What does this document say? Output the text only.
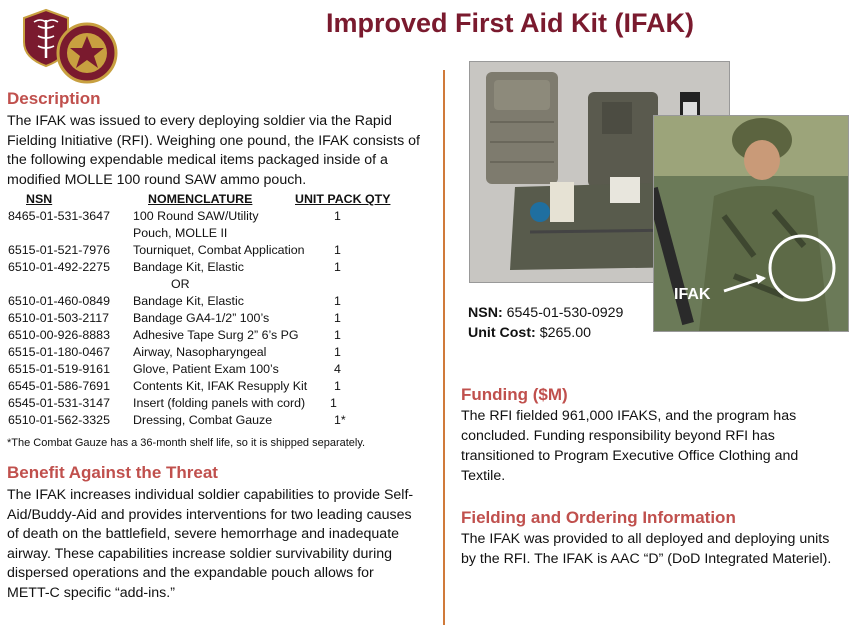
Improved First Aid Kit (IFAK)
Description
The IFAK was issued to every deploying soldier via the Rapid Fielding Initiative (RFI). Weighing one pound, the IFAK consists of the following expendable medical items packaged inside of a modified MOLLE 100 round SAW ammo pouch.
NSN	NOMENCLATURE	UNIT PACK QTY
8465-01-531-3647 100 Round SAW/Utility	1
Pouch, MOLLE II
6515-01-521-7976 Tourniquet, Combat Application 1
6510-01-492-2275 Bandage Kit, Elastic	1
OR
6510-01-460-0849 Bandage Kit, Elastic	1
6510-01-503-2117 Bandage GA4-1/2” 100’s	1
6510-00-926-8883 Adhesive Tape Surg 2” 6’s PG	1
6515-01-180-0467 Airway, Nasopharyngeal	1
6515-01-519-9161 Glove, Patient Exam 100’s	4
6545-01-586-7691 Contents Kit, IFAK Resupply Kit 1
6545-01-531-3147 Insert (folding panels with cord) 1
6510-01-562-3325 Dressing, Combat Gauze	1*
*The Combat Gauze has a 36-month shelf life, so it is shipped separately.
Benefit Against the Threat
The IFAK increases individual soldier capabilities to provide Self-Aid/Buddy-Aid and provides interventions for two leading causes of death on the battlefield, severe hemorrhage and inadequate airway. These capabilities increase soldier survivability during dispersed operations and the expandable pouch allows for METT-C specific “add-ins.”
IFAK
NSN: 6545-01-530-0929
Unit Cost: $265.00
Funding ($M)
The RFI fielded 961,000 IFAKS, and the program has concluded. Funding responsibility beyond RFI has transitioned to Program Executive Office Clothing and Textile.
Fielding and Ordering Information
The IFAK was provided to all deployed and deploying units by the RFI. The IFAK is AAC “D” (DoD Integrated Materiel).
